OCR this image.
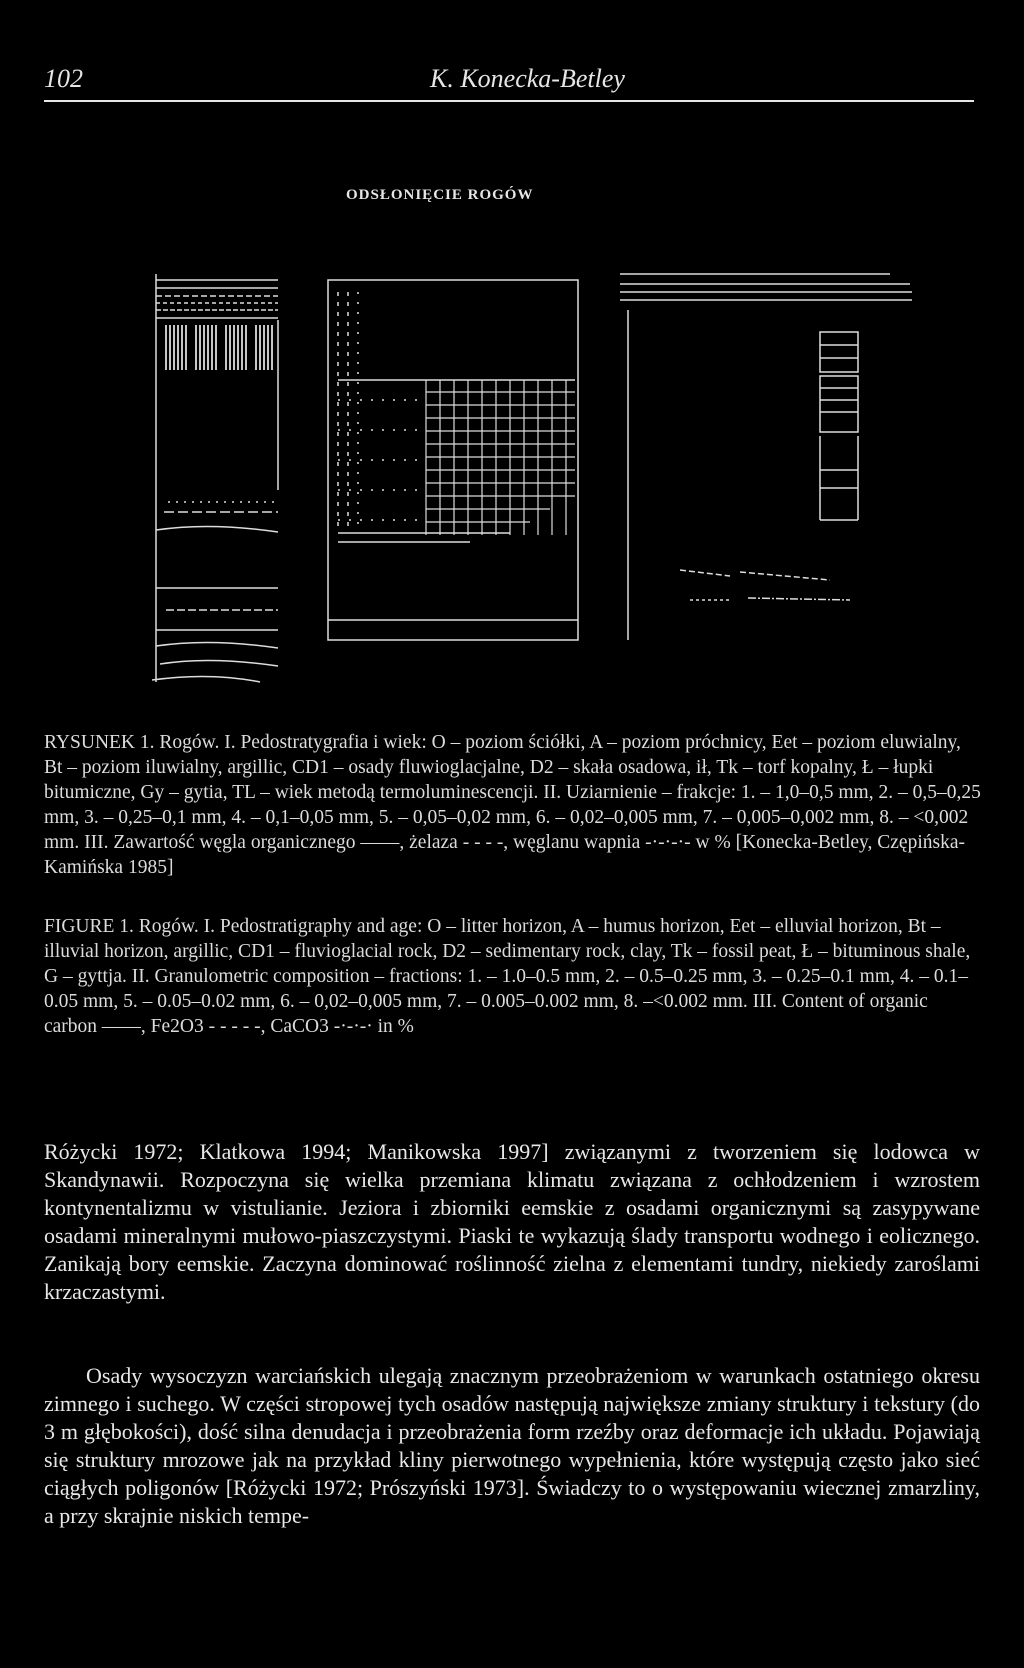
102	K. Konecka-Betley
ODSŁONIĘCIE ROGÓW

RYSUNEK 1. Rogów. I. Pedostratygrafia i wiek: O – poziom ściółki, A – poziom próchnicy, Eet – poziom eluwialny, Bt – poziom iluwialny, argillic, CD1 – osady fluwioglacjalne, D2 – skała osadowa, ił, Tk – torf kopalny, Ł – łupki bitumiczne, Gy – gytia, TL – wiek metodą termoluminescencji. II. Uziarnienie – frakcje: 1. – 1,0–0,5 mm, 2. – 0,5–0,25 mm, 3. – 0,25–0,1 mm, 4. – 0,1–0,05 mm, 5. – 0,05–0,02 mm, 6. – 0,02–0,005 mm, 7. – 0,005–0,002 mm, 8. – <0,002 mm. III. Zawartość węgla organicznego ——, żelaza - - - -, węglanu wapnia -·-·-·- w % [Konecka-Betley, Czępińska-Kamińska 1985]

FIGURE 1. Rogów. I. Pedostratigraphy and age: O – litter horizon, A – humus horizon, Eet – elluvial horizon, Bt – illuvial horizon, argillic, CD1 – fluvioglacial rock, D2 – sedimentary rock, clay, Tk – fossil peat, Ł – bituminous shale, G – gyttja. II. Granulometric composition – fractions: 1. – 1.0–0.5 mm, 2. – 0.5–0.25 mm, 3. – 0.25–0.1 mm, 4. – 0.1–0.05 mm, 5. – 0.05–0.02 mm, 6. – 0,02–0,005 mm, 7. – 0.005–0.002 mm, 8. –<0.002 mm. III. Content of organic carbon ——, Fe2O3 - - - - -, CaCO3 -·-·-· in %

Różycki 1972; Klatkowa 1994; Manikowska 1997] związanymi z tworzeniem się lodowca w Skandynawii. Rozpoczyna się wielka przemiana klimatu związana z ochłodzeniem i wzrostem kontynentalizmu w vistulianie. Jeziora i zbiorniki eemskie z osadami organicznymi są zasypywane osadami mineralnymi mułowo-piaszczystymi. Piaski te wykazują ślady transportu wodnego i eolicznego. Zanikają bory eemskie. Zaczyna dominować roślinność zielna z elementami tundry, niekiedy zaroślami krzaczastymi.

Osady wysoczyzn warciańskich ulegają znacznym przeobrażeniom w warunkach ostatniego okresu zimnego i suchego. W części stropowej tych osadów następują największe zmiany struktury i tekstury (do 3 m głębokości), dość silna denudacja i przeobrażenia form rzeźby oraz deformacje ich układu. Pojawiają się struktury mrozowe jak na przykład kliny pierwotnego wypełnienia, które występują często jako sieć ciągłych poligonów [Różycki 1972; Prószyński 1973]. Świadczy to o występowaniu wiecznej zmarzliny, a przy skrajnie niskich tempe-
